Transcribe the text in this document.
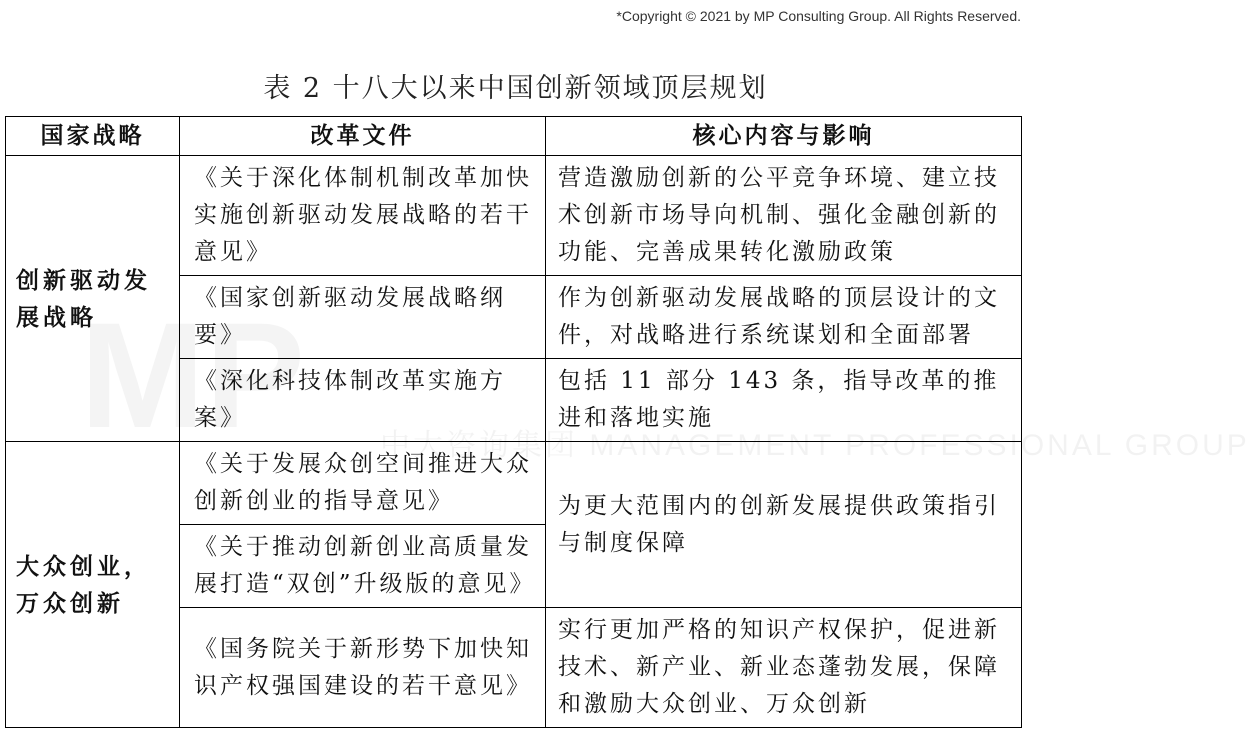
*Copyright © 2021 by MP Consulting Group. All Rights Reserved.
中大咨询集团 MANAGEMENT PROFESSIONAL GROUP
表 2 十八大以来中国创新领域顶层规划
国家战略	改革文件	核心内容与影响
创新驱动发展战略	《关于深化体制机制改革加快实施创新驱动发展战略的若干意见》	营造激励创新的公平竞争环境、建立技术创新市场导向机制、强化金融创新的功能、完善成果转化激励政策
	《国家创新驱动发展战略纲要》	作为创新驱动发展战略的顶层设计的文件，对战略进行系统谋划和全面部署
	《深化科技体制改革实施方案》	包括 11 部分 143 条，指导改革的推进和落地实施
大众创业，万众创新	《关于发展众创空间推进大众创新创业的指导意见》	为更大范围内的创新发展提供政策指引与制度保障
	《关于推动创新创业高质量发展打造“双创”升级版的意见》	
	《国务院关于新形势下加快知识产权强国建设的若干意见》	实行更加严格的知识产权保护，促进新技术、新产业、新业态蓬勃发展，保障和激励大众创业、万众创新
